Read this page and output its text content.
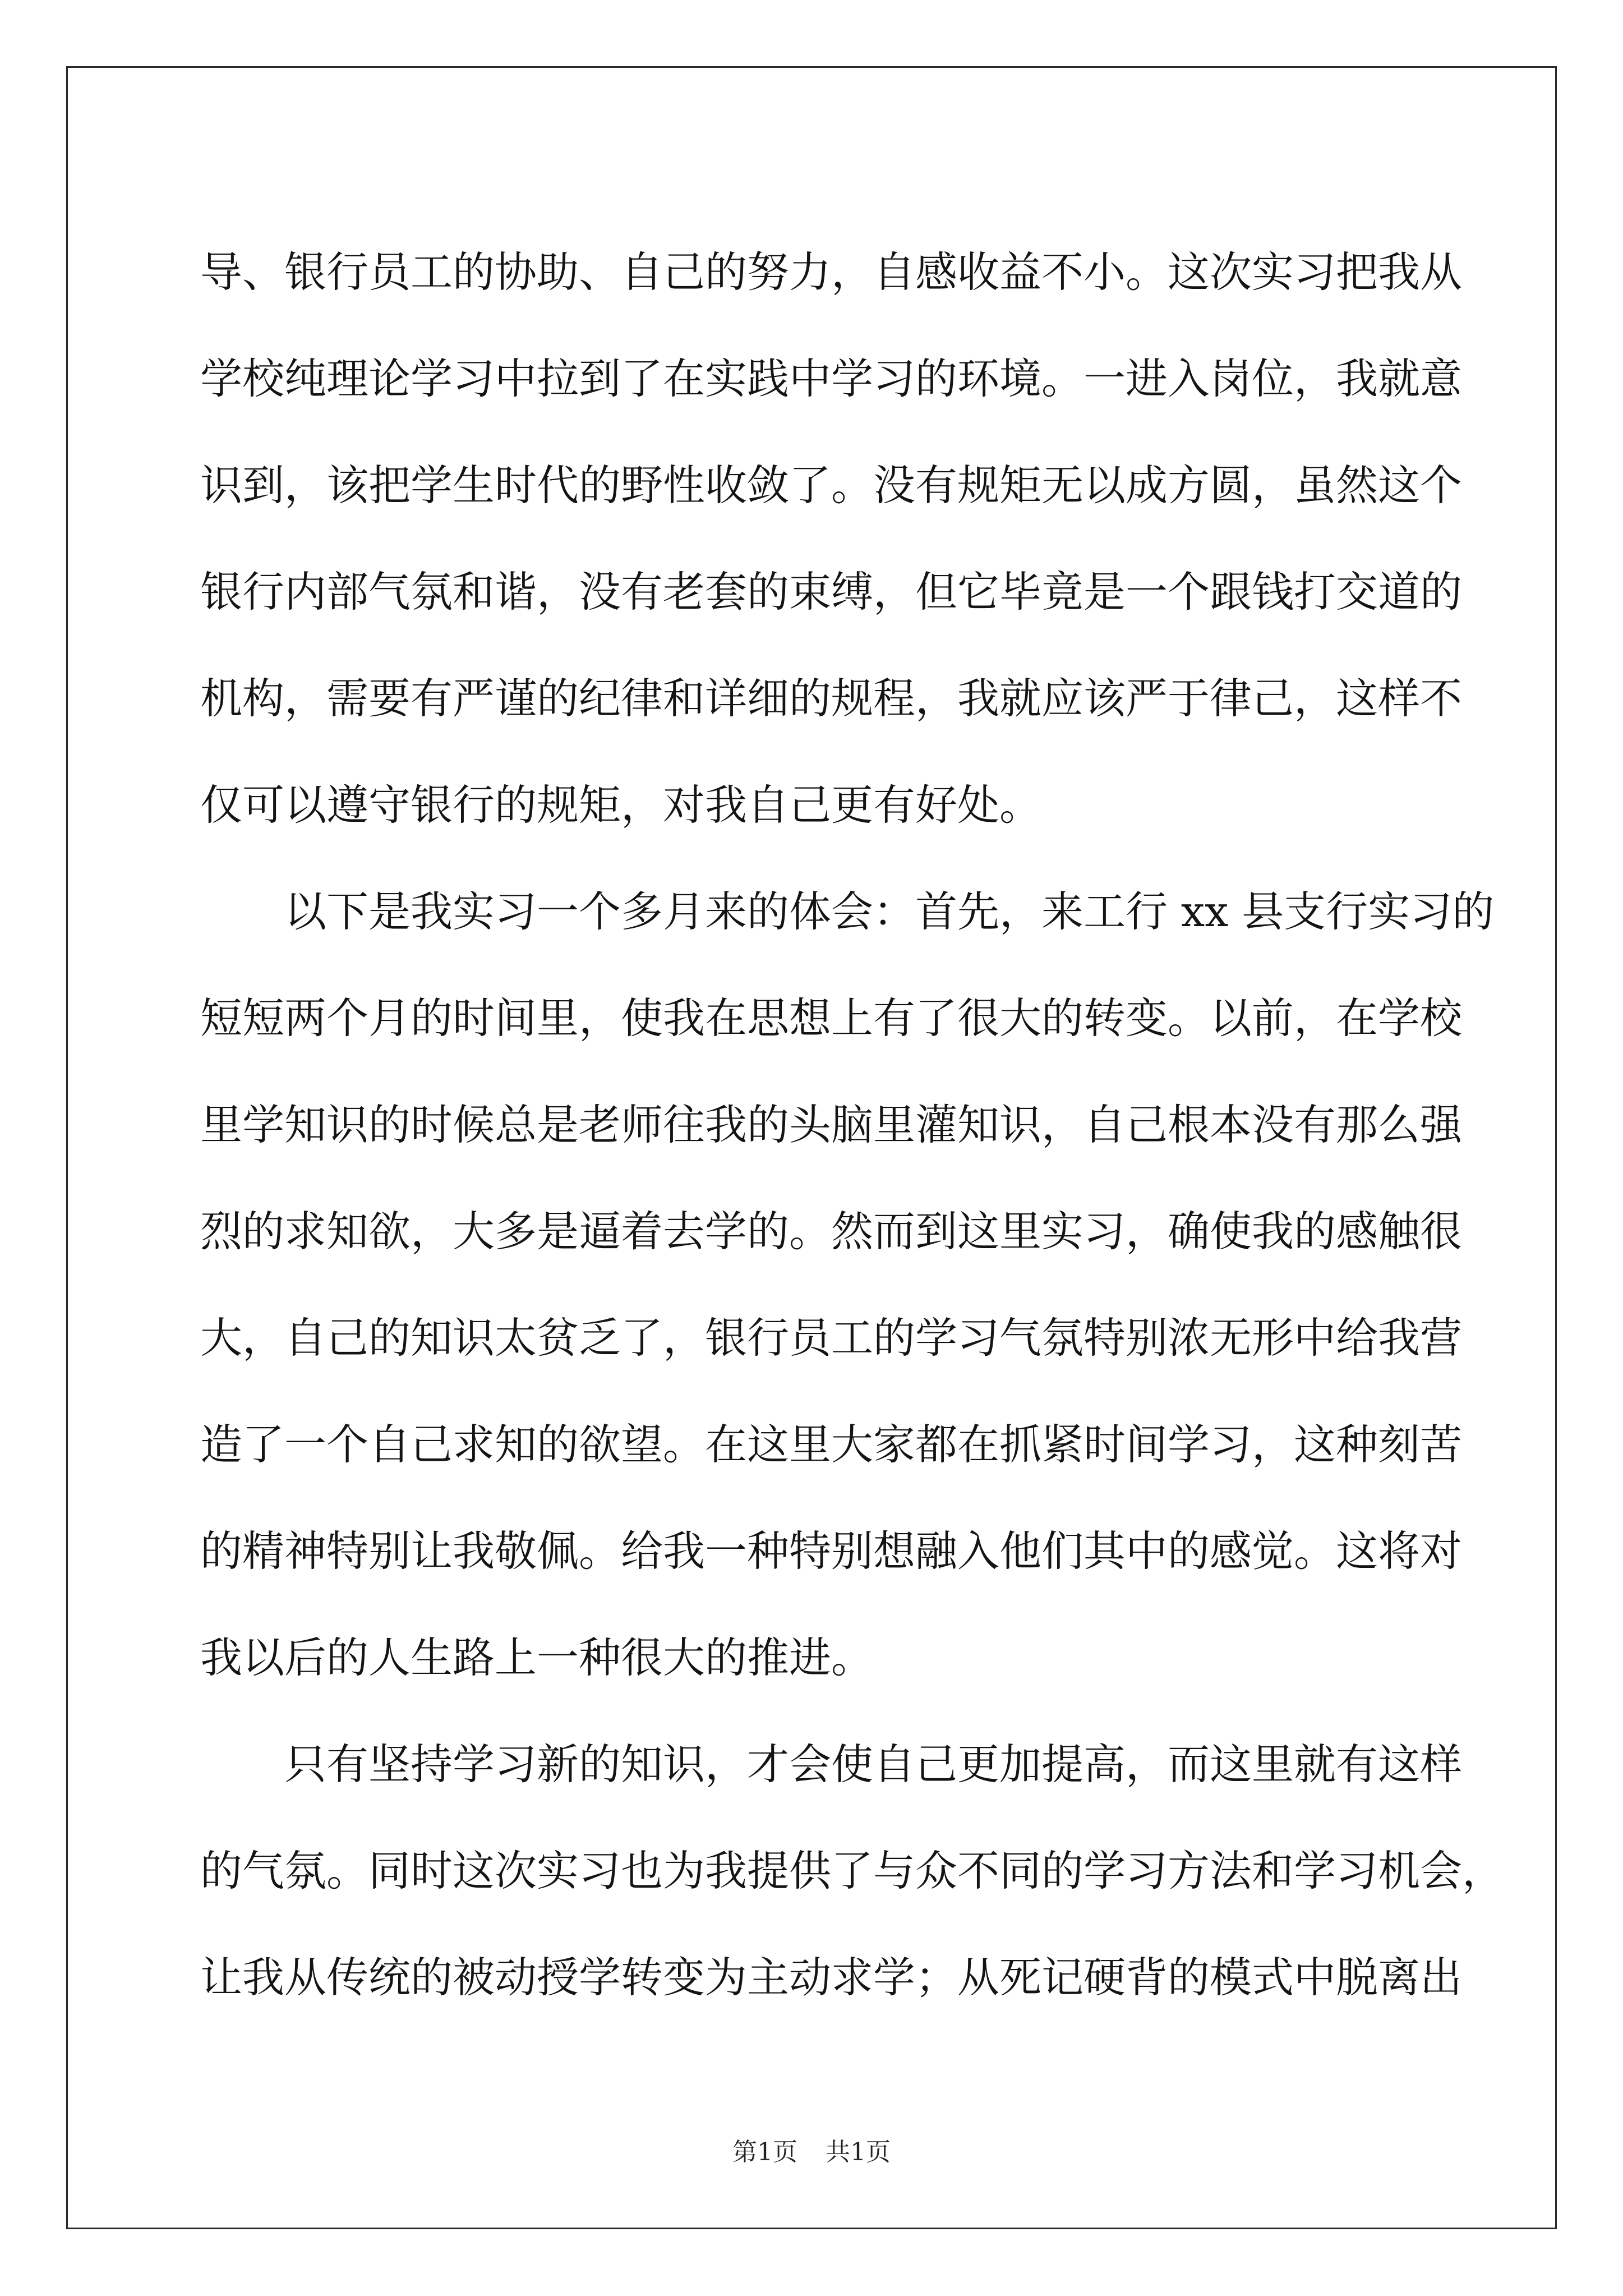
导、银行员工的协助、自己的努力，自感收益不小。这次实习把我从
学校纯理论学习中拉到了在实践中学习的环境。一进入岗位，我就意
识到，该把学生时代的野性收敛了。没有规矩无以成方圆，虽然这个
银行内部气氛和谐，没有老套的束缚，但它毕竟是一个跟钱打交道的
机构，需要有严谨的纪律和详细的规程，我就应该严于律己，这样不
仅可以遵守银行的规矩，对我自己更有好处。
以下是我实习一个多月来的体会：首先，来工行 xx 县支行实习的
短短两个月的时间里，使我在思想上有了很大的转变。以前，在学校
里学知识的时候总是老师往我的头脑里灌知识，自己根本没有那么强
烈的求知欲，大多是逼着去学的。然而到这里实习，确使我的感触很
大，自己的知识太贫乏了，银行员工的学习气氛特别浓无形中给我营
造了一个自己求知的欲望。在这里大家都在抓紧时间学习，这种刻苦
的精神特别让我敬佩。给我一种特别想融入他们其中的感觉。这将对
我以后的人生路上一种很大的推进。
只有坚持学习新的知识，才会使自己更加提高，而这里就有这样
的气氛。同时这次实习也为我提供了与众不同的学习方法和学习机会，
让我从传统的被动授学转变为主动求学；从死记硬背的模式中脱离出
第1页 共1页
